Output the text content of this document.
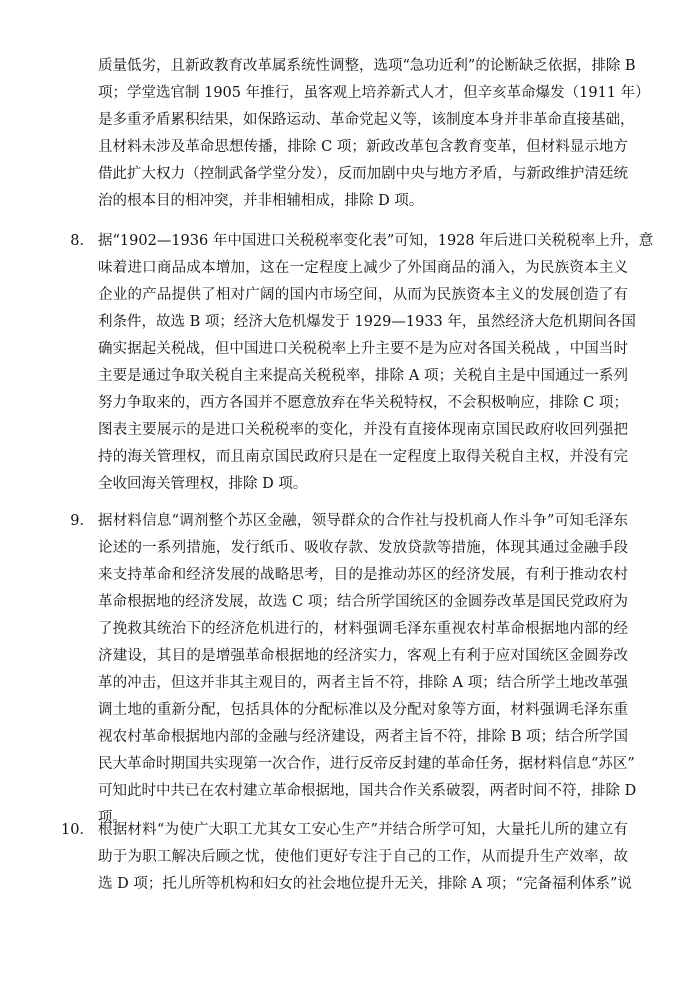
质量低劣，且新政教育改革属系统性调整，选项“急功近利”的论断缺乏依据，排除 B
项；学堂选官制 1905 年推行，虽客观上培养新式人才，但辛亥革命爆发（1911 年）
是多重矛盾累积结果，如保路运动、革命党起义等，该制度本身并非革命直接基础，
且材料未涉及革命思想传播，排除 C 项；新政改革包含教育变革，但材料显示地方
借此扩大权力（控制武备学堂分发），反而加剧中央与地方矛盾，与新政维护清廷统
治的根本目的相冲突，并非相辅相成，排除 D 项。
8． 据“1902—1936 年中国进口关税税率变化表”可知，1928 年后进口关税税率上升，意
味着进口商品成本增加，这在一定程度上减少了外国商品的涌入，为民族资本主义
企业的产品提供了相对广阔的国内市场空间，从而为民族资本主义的发展创造了有
利条件，故选 B 项；经济大危机爆发于 1929—1933 年，虽然经济大危机期间各国
确实据起关税战，但中国进口关税税率上升主要不是为应对各国关税战 ，中国当时
主要是通过争取关税自主来提高关税税率，排除 A 项；关税自主是中国通过一系列
努力争取来的，西方各国并不愿意放弃在华关税特权，不会积极响应，排除 C 项；
图表主要展示的是进口关税税率的变化，并没有直接体现南京国民政府收回列强把
持的海关管理权，而且南京国民政府只是在一定程度上取得关税自主权，并没有完
全收回海关管理权，排除 D 项。
9． 据材料信息“调剂整个苏区金融，领导群众的合作社与投机商人作斗争”可知毛泽东
论述的一系列措施，发行纸币、吸收存款、发放贷款等措施，体现其通过金融手段
来支持革命和经济发展的战略思考，目的是推动苏区的经济发展，有利于推动农村
革命根据地的经济发展，故选 C 项；结合所学国统区的金圆券改革是国民党政府为
了挽救其统治下的经济危机进行的，材料强调毛泽东重视农村革命根据地内部的经
济建设，其目的是增强革命根据地的经济实力，客观上有利于应对国统区金圆券改
革的冲击，但这并非其主观目的，两者主旨不符，排除 A 项；结合所学土地改革强
调土地的重新分配，包括具体的分配标准以及分配对象等方面，材料强调毛泽东重
视农村革命根据地内部的金融与经济建设，两者主旨不符，排除 B 项；结合所学国
民大革命时期国共实现第一次合作，进行反帝反封建的革命任务，据材料信息“苏区”
可知此时中共已在农村建立革命根据地，国共合作关系破裂，两者时间不符，排除 D
项。
10． 根据材料“为使广大职工尤其女工安心生产”并结合所学可知，大量托儿所的建立有
助于为职工解决后顾之忧，使他们更好专注于自己的工作，从而提升生产效率，故
选 D 项；托儿所等机构和妇女的社会地位提升无关，排除 A 项；“完备福利体系”说
